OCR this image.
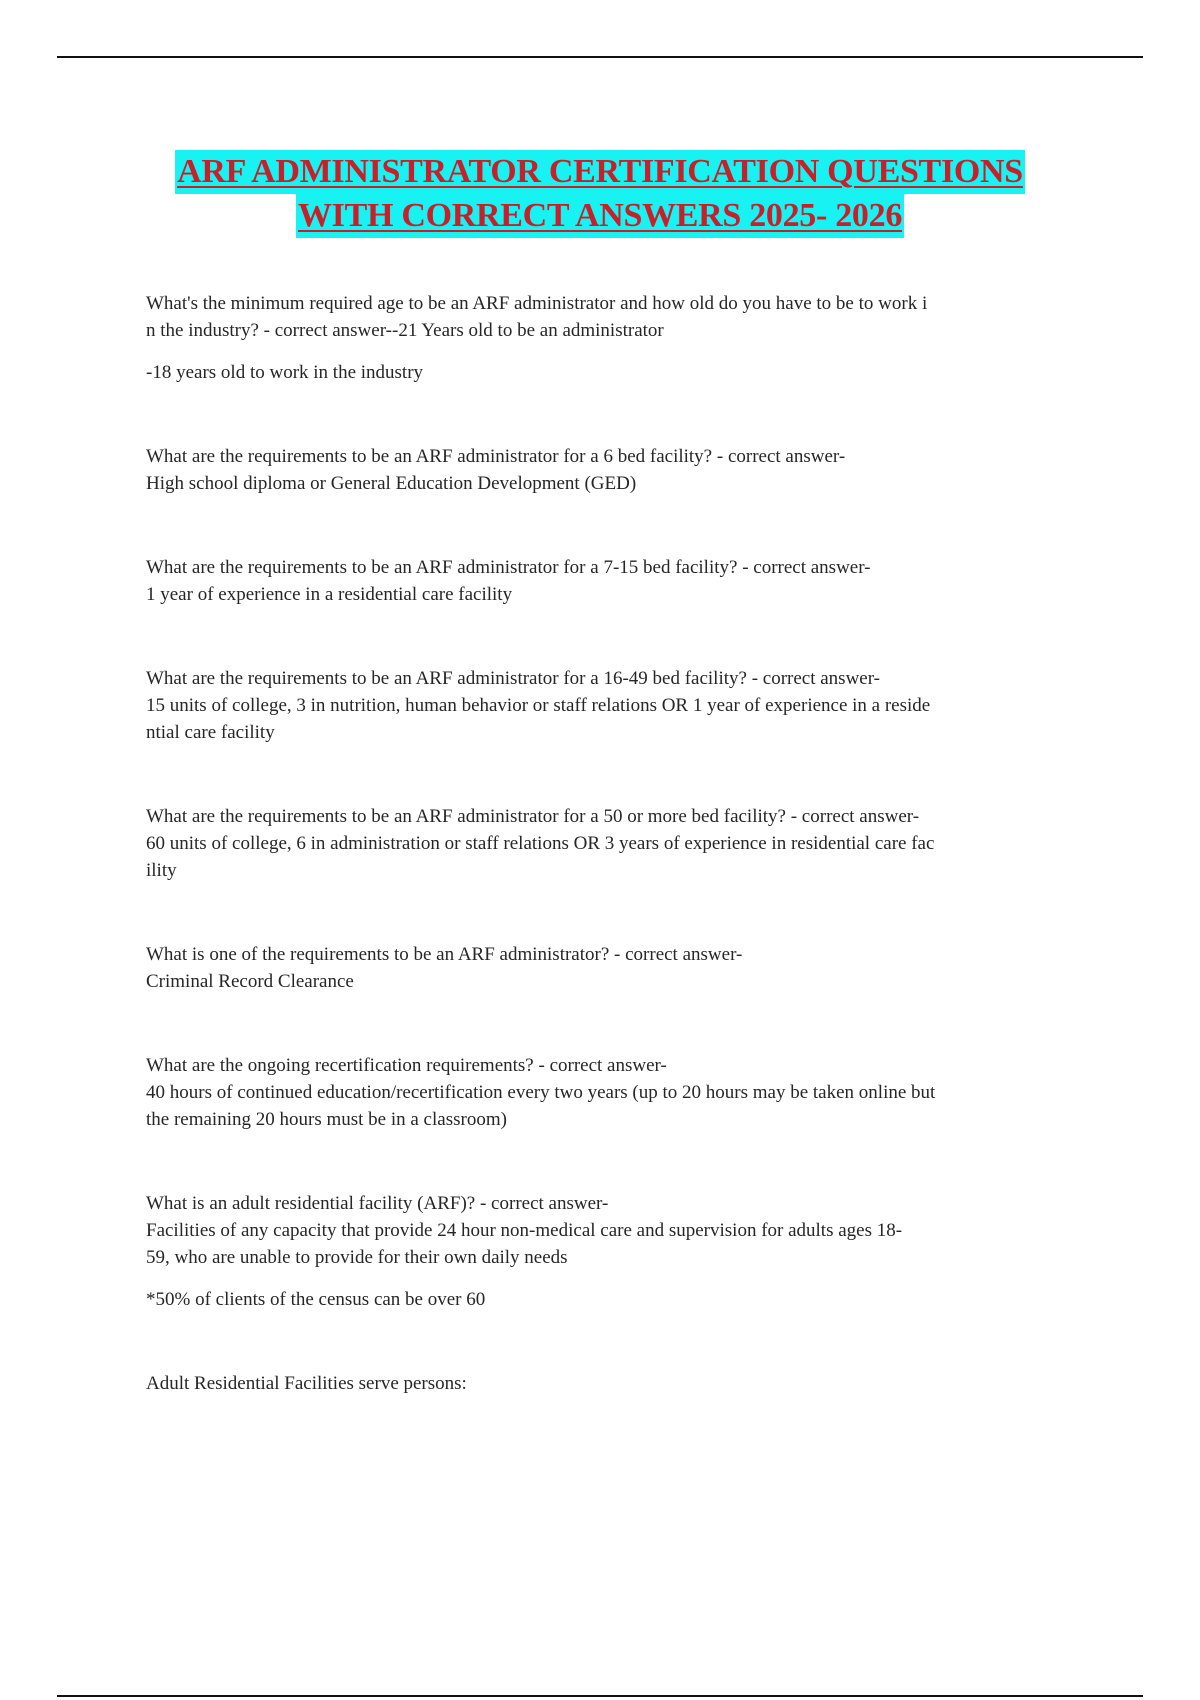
ARF ADMINISTRATOR CERTIFICATION QUESTIONS
WITH CORRECT ANSWERS 2025- 2026

What's the minimum required age to be an ARF administrator and how old do you have to be to work i

n the industry? - correct answer--21 Years old to be an administrator

-18 years old to work in the industry

What are the requirements to be an ARF administrator for a 6 bed facility? - correct answer-

High school diploma or General Education Development (GED)

What are the requirements to be an ARF administrator for a 7-15 bed facility? - correct answer-

1 year of experience in a residential care facility

What are the requirements to be an ARF administrator for a 16-49 bed facility? - correct answer-

15 units of college, 3 in nutrition, human behavior or staff relations OR 1 year of experience in a reside

ntial care facility

What are the requirements to be an ARF administrator for a 50 or more bed facility? - correct answer-

60 units of college, 6 in administration or staff relations OR 3 years of experience in residential care fac

ility

What is one of the requirements to be an ARF administrator? - correct answer-

Criminal Record Clearance

What are the ongoing recertification requirements? - correct answer-

40 hours of continued education/recertification every two years (up to 20 hours may be taken online but

the remaining 20 hours must be in a classroom)

What is an adult residential facility (ARF)? - correct answer-

Facilities of any capacity that provide 24 hour non-medical care and supervision for adults ages 18-

59, who are unable to provide for their own daily needs

*50% of clients of the census can be over 60

Adult Residential Facilities serve persons:
